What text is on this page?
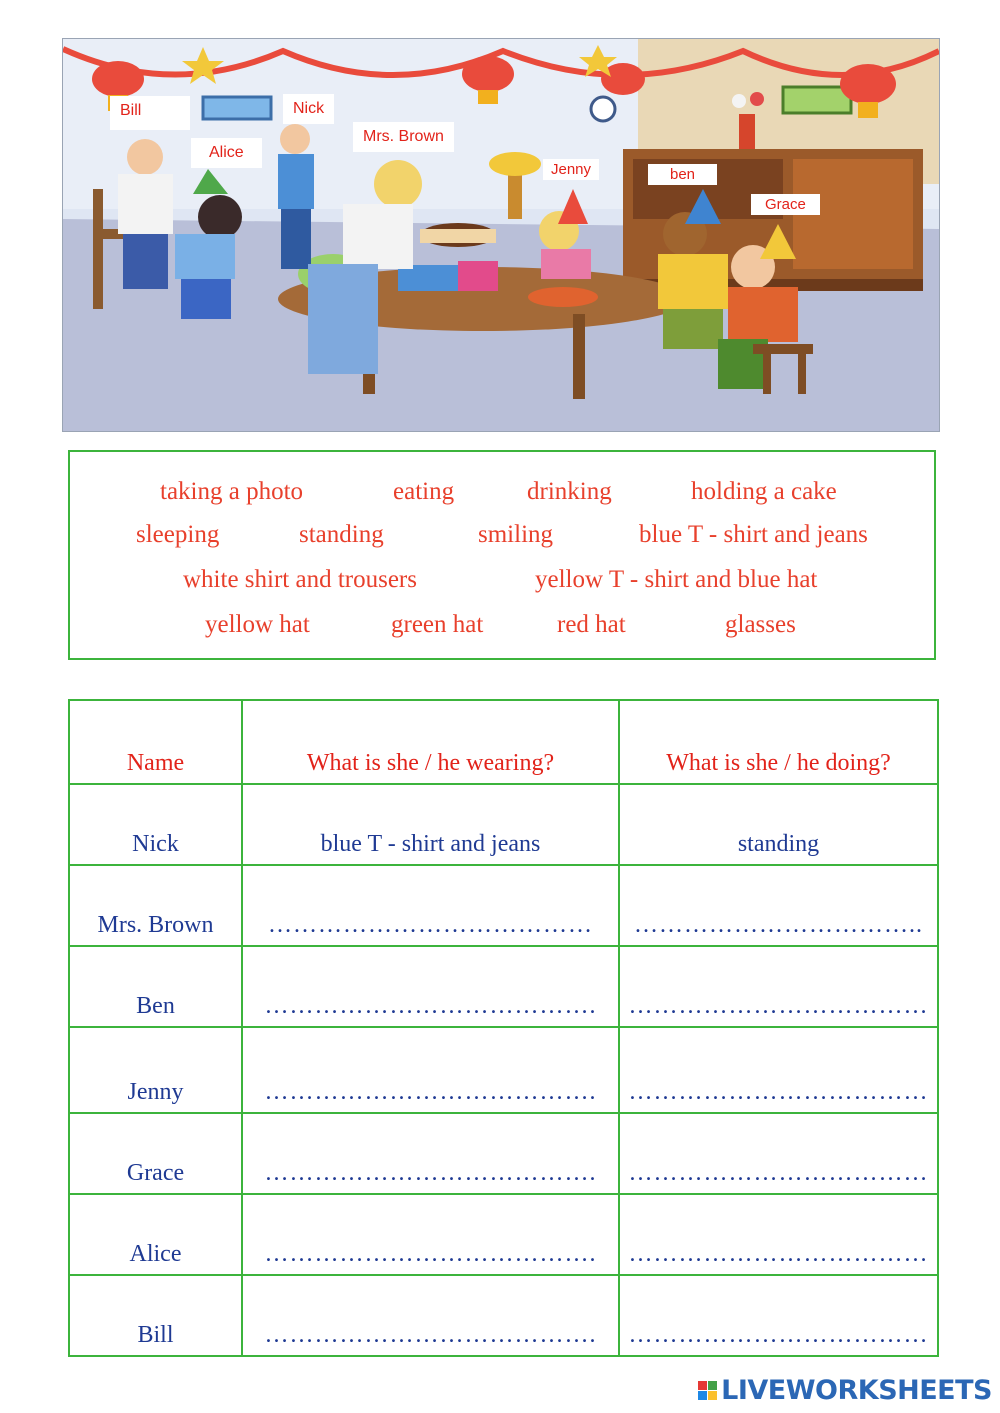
Bill	Nick
Alice
Mrs. Brown
Jenny	ben
Grace
taking a photo	eating	drinking	holding a cake
sleeping	standing	smiling	blue T - shirt and jeans
white shirt and trousers	yellow T - shirt and blue hat
yellow hat	green hat	red hat	glasses
Name	What is she / he wearing?	What is she / he doing?
Nick	blue T - shirt and jeans	standing
Mrs. Brown	…………………………………	……………………………..
Ben	………………………………….	………………………………
Jenny	………………………………….	………………………………
Grace	………………………………….	………………………………
Alice	………………………………….	………………………………
Bill	………………………………….	………………………………
LIVEWORKSHEETS
